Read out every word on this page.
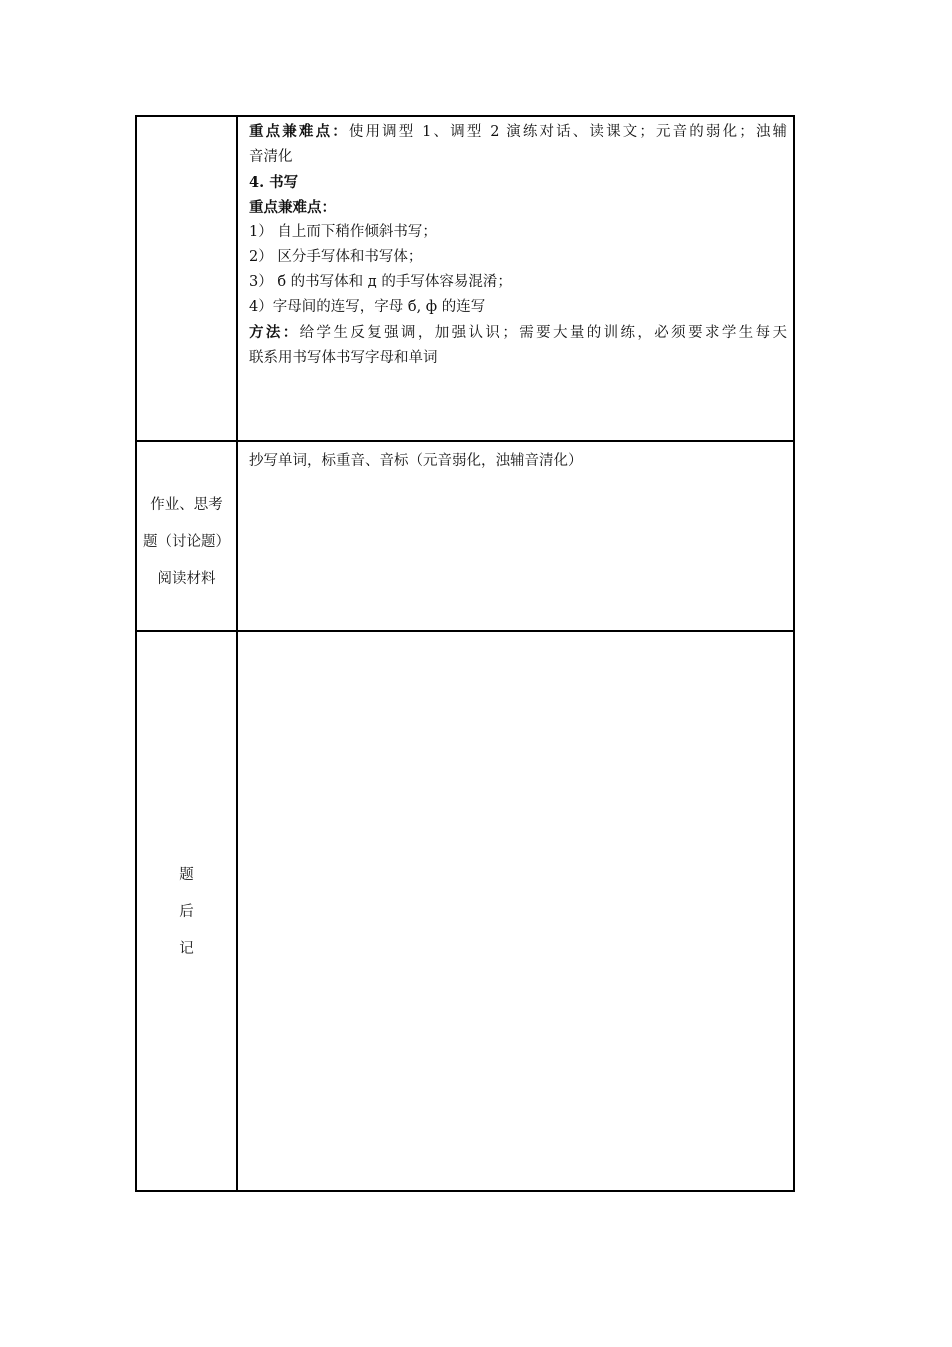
重点兼难点：使用调型 1、调型 2 演练对话、读课文；元音的弱化；浊辅
音清化
4. 书写
重点兼难点：
1） 自上而下稍作倾斜书写；
2） 区分手写体和书写体；
3） б 的书写体和 д 的手写体容易混淆；
4）字母间的连写，字母 б, ф 的连写
方法：给学生反复强调，加强认识；需要大量的训练，必须要求学生每天
联系用书写体书写字母和单词
作业、思考
题（讨论题）
阅读材料
抄写单词，标重音、音标（元音弱化，浊辅音清化）
题
后
记
